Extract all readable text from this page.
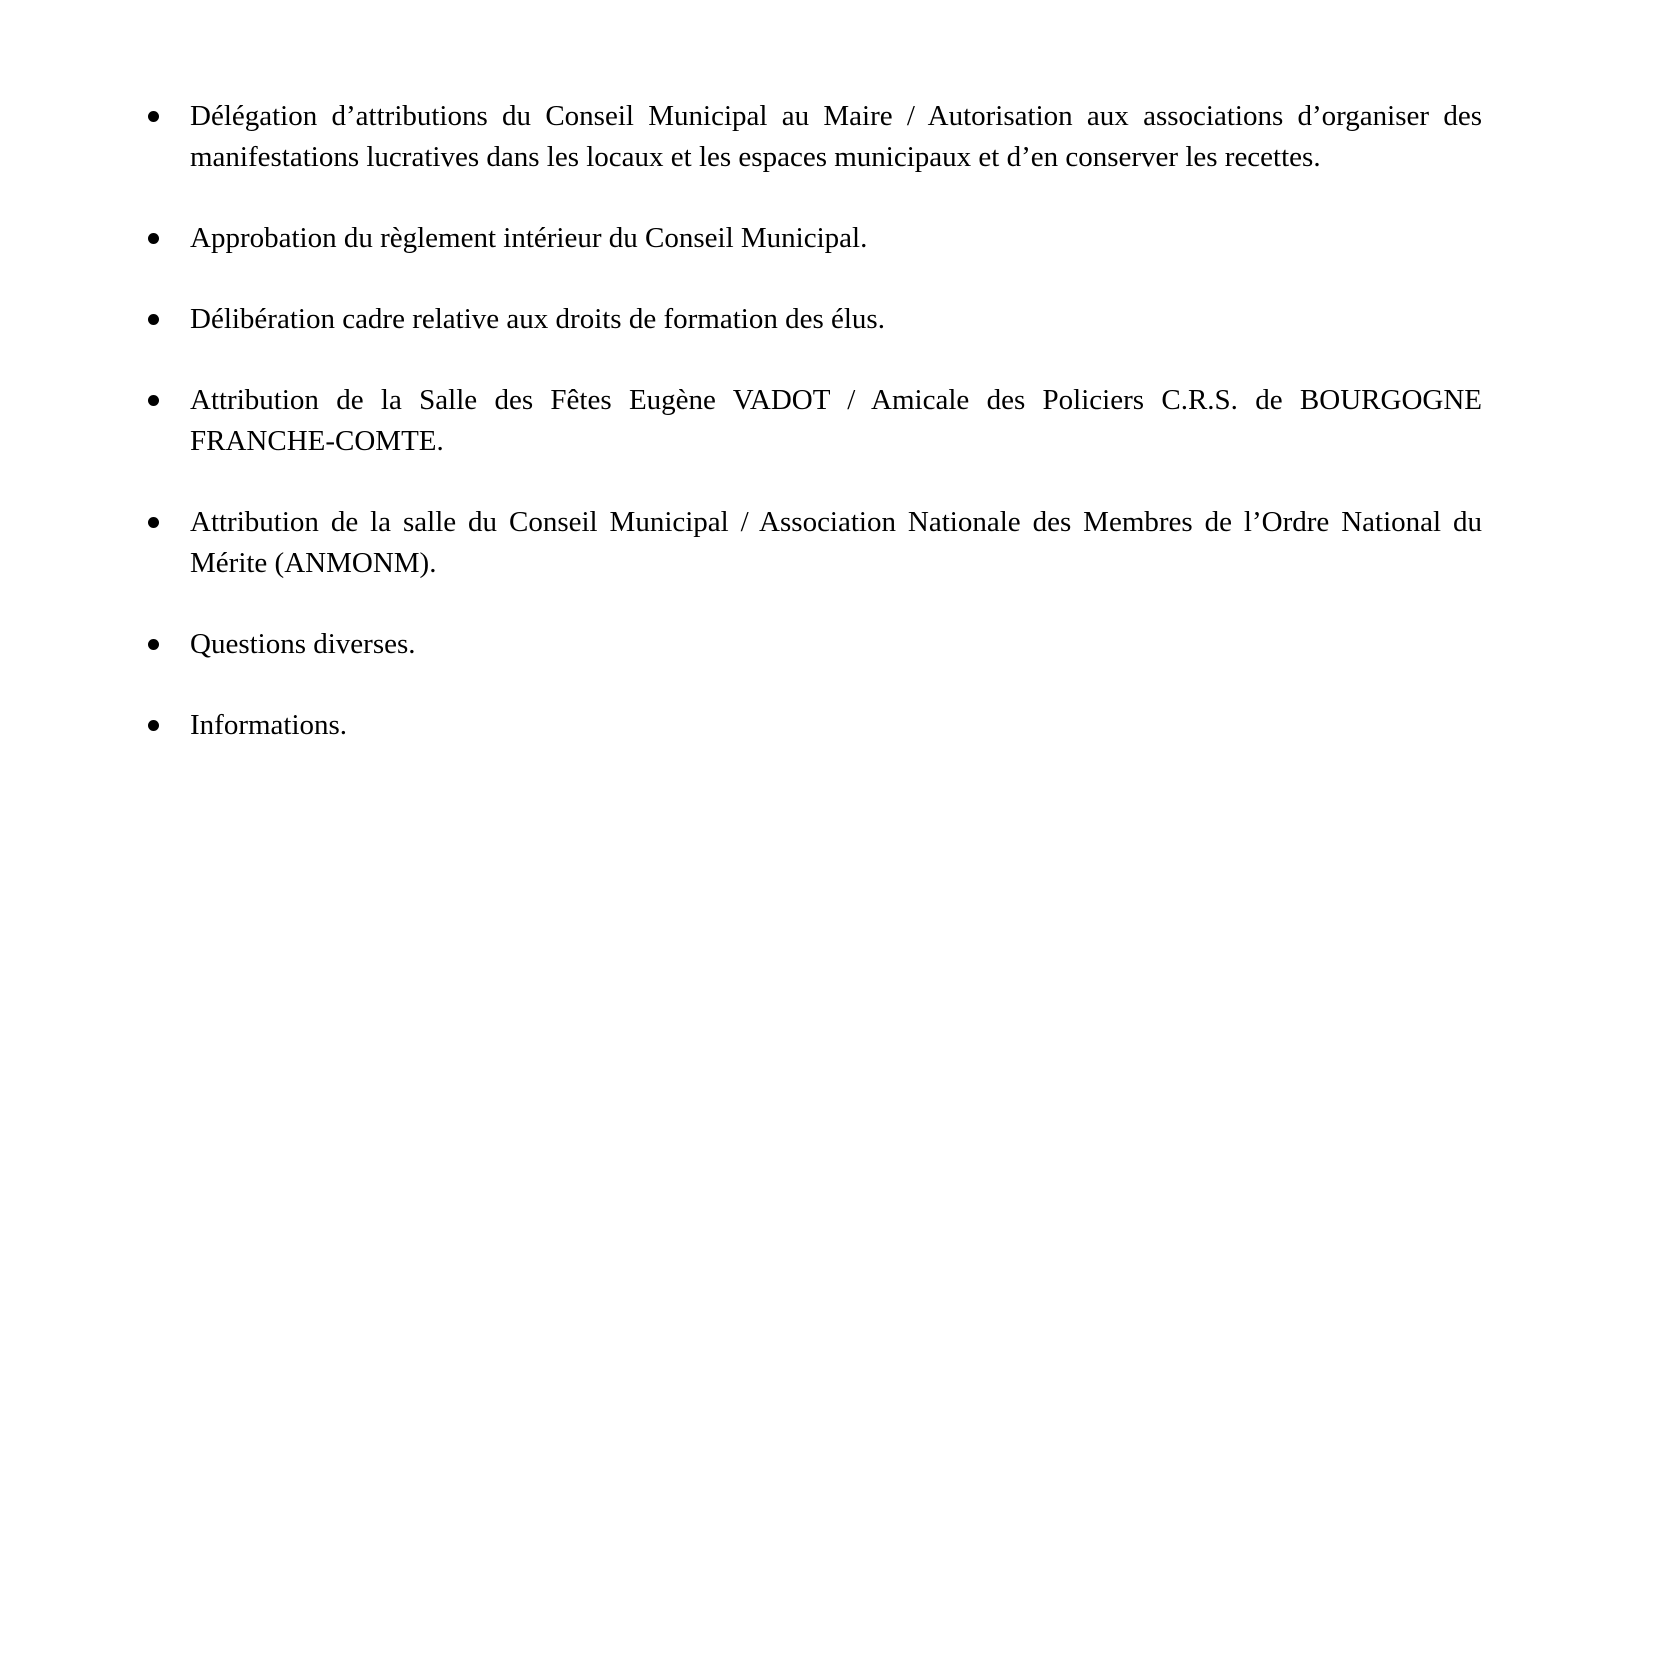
Délégation d’attributions du Conseil Municipal au Maire / Autorisation aux associations d’organiser des manifestations lucratives dans les locaux et les espaces municipaux et d’en conserver les recettes.
Approbation du règlement intérieur du Conseil Municipal.
Délibération cadre relative aux droits de formation des élus.
Attribution de la Salle des Fêtes Eugène VADOT / Amicale des Policiers C.R.S. de BOURGOGNE FRANCHE-COMTE.
Attribution de la salle du Conseil Municipal / Association Nationale des Membres de l’Ordre National du Mérite (ANMONM).
Questions diverses.
Informations.
